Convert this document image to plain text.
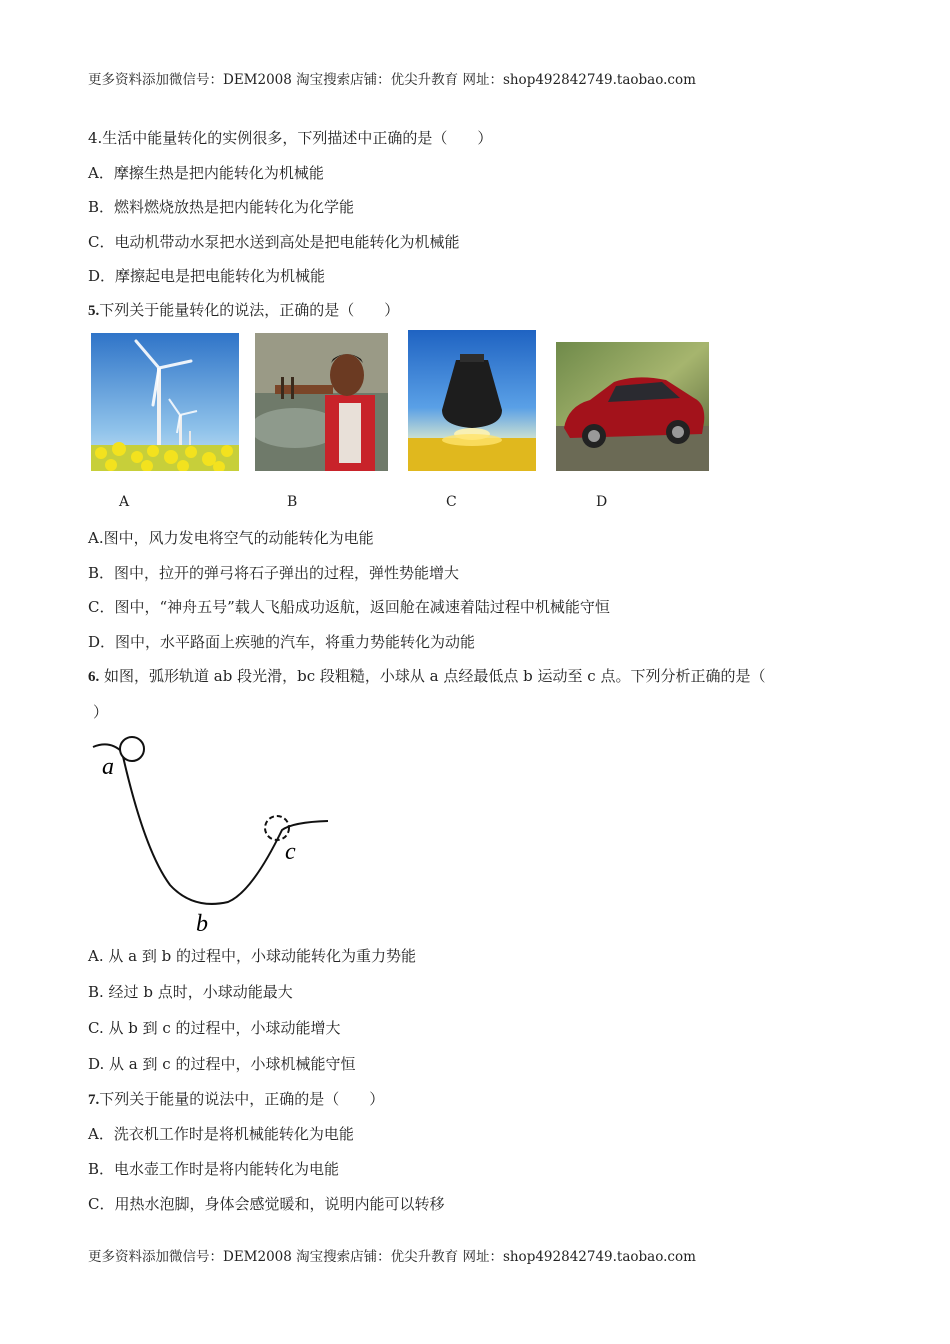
更多资料添加微信号：DEM2008 淘宝搜索店铺：优尖升教育 网址：shop492842749.taobao.com
4.生活中能量转化的实例很多，下列描述中正确的是（　　）
A．摩擦生热是把内能转化为机械能
B．燃料燃烧放热是把内能转化为化学能
C．电动机带动水泵把水送到高处是把电能转化为机械能
D．摩擦起电是把电能转化为机械能
5.下列关于能量转化的说法，正确的是（　　）
A	B	C	D
A.图中，风力发电将空气的动能转化为电能
B．图中，拉开的弹弓将石子弹出的过程，弹性势能增大
C．图中，“神舟五号”载人飞船成功返航，返回舱在减速着陆过程中机械能守恒
D．图中，水平路面上疾驰的汽车，将重力势能转化为动能
6. 如图，弧形轨道 ab 段光滑，bc 段粗糙，小球从 a 点经最低点 b 运动至 c 点。下列分析正确的是（
）
a
b
c
A. 从 a 到 b 的过程中，小球动能转化为重力势能
B. 经过 b 点时，小球动能最大
C. 从 b 到 c 的过程中，小球动能增大
D. 从 a 到 c 的过程中，小球机械能守恒
7.下列关于能量的说法中，正确的是（　　）
A．洗衣机工作时是将机械能转化为电能
B．电水壶工作时是将内能转化为电能
C．用热水泡脚，身体会感觉暖和，说明内能可以转移
更多资料添加微信号：DEM2008 淘宝搜索店铺：优尖升教育 网址：shop492842749.taobao.com
